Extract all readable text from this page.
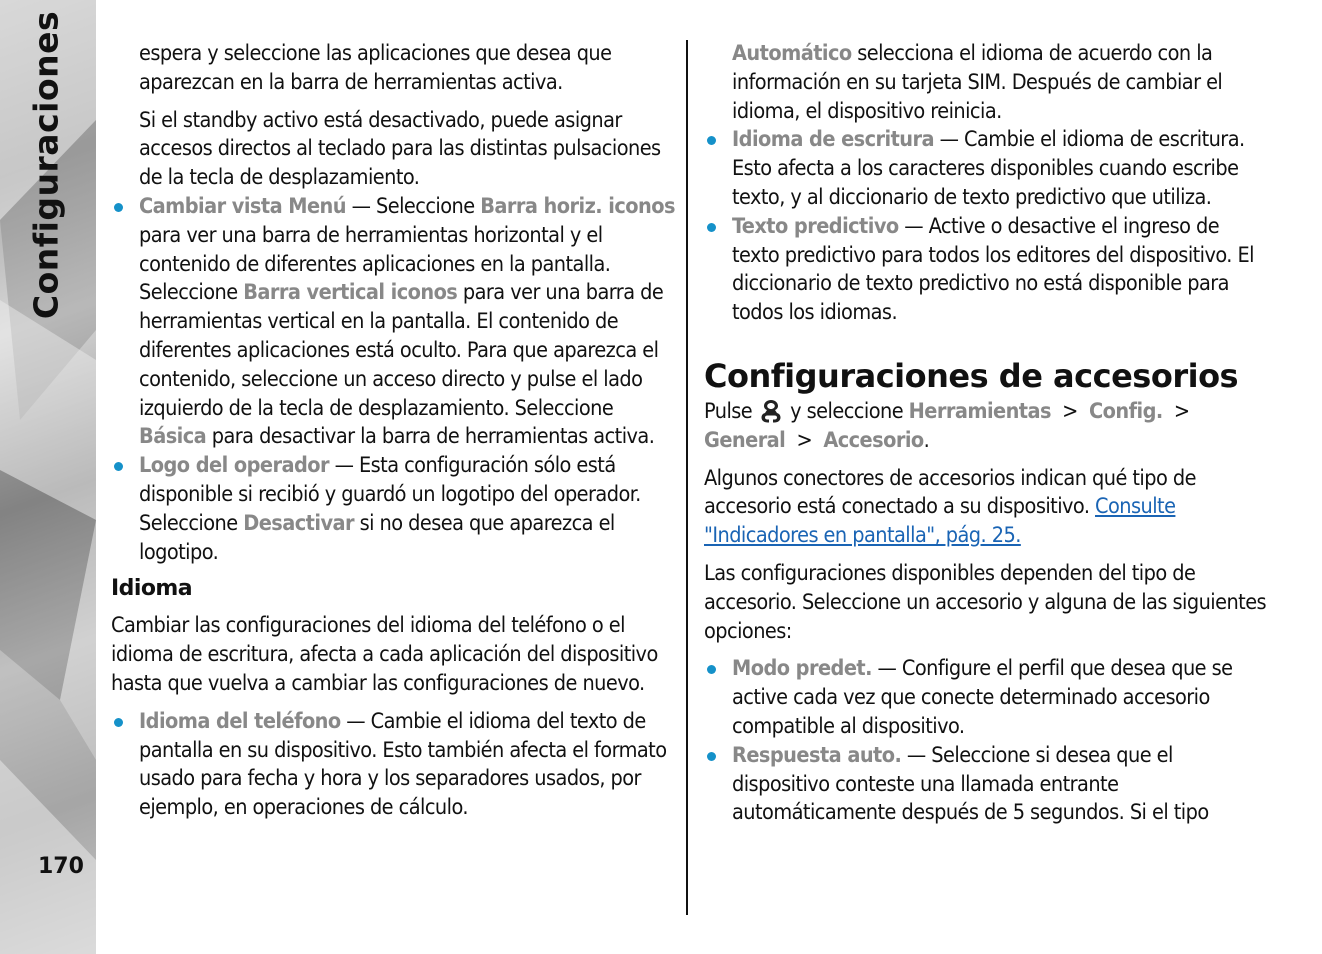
Configuraciones
170

espera y seleccione las aplicaciones que desea que aparezcan en la barra de herramientas activa.

Si el standby activo está desactivado, puede asignar accesos directos al teclado para las distintas pulsaciones de la tecla de desplazamiento.

Cambiar vista Menú — Seleccione Barra horiz. iconos para ver una barra de herramientas horizontal y el contenido de diferentes aplicaciones en la pantalla. Seleccione Barra vertical iconos para ver una barra de herramientas vertical en la pantalla. El contenido de diferentes aplicaciones está oculto. Para que aparezca el contenido, seleccione un acceso directo y pulse el lado izquierdo de la tecla de desplazamiento. Seleccione Básica para desactivar la barra de herramientas activa.
Logo del operador — Esta configuración sólo está disponible si recibió y guardó un logotipo del operador. Seleccione Desactivar si no desea que aparezca el logotipo.
Idioma

Cambiar las configuraciones del idioma del teléfono o el idioma de escritura, afecta a cada aplicación del dispositivo hasta que vuelva a cambiar las configuraciones de nuevo.

Idioma del teléfono — Cambie el idioma del texto de pantalla en su dispositivo. Esto también afecta el formato usado para fecha y hora y los separadores usados, por ejemplo, en operaciones de cálculo.

Automático selecciona el idioma de acuerdo con la información en su tarjeta SIM. Después de cambiar el idioma, el dispositivo reinicia.

Idioma de escritura — Cambie el idioma de escritura. Esto afecta a los caracteres disponibles cuando escribe texto, y al diccionario de texto predictivo que utiliza.
Texto predictivo — Active o desactive el ingreso de texto predictivo para todos los editores del dispositivo. El diccionario de texto predictivo no está disponible para todos los idiomas.
Configuraciones de accesorios

Pulse y seleccione Herramientas > Config. > General > Accesorio.

Algunos conectores de accesorios indican qué tipo de accesorio está conectado a su dispositivo. Consulte "Indicadores en pantalla", pág. 25.

Las configuraciones disponibles dependen del tipo de accesorio. Seleccione un accesorio y alguna de las siguientes opciones:

Modo predet. — Configure el perfil que desea que se active cada vez que conecte determinado accesorio compatible al dispositivo.
Respuesta auto. — Seleccione si desea que el dispositivo conteste una llamada entrante automáticamente después de 5 segundos. Si el tipo
